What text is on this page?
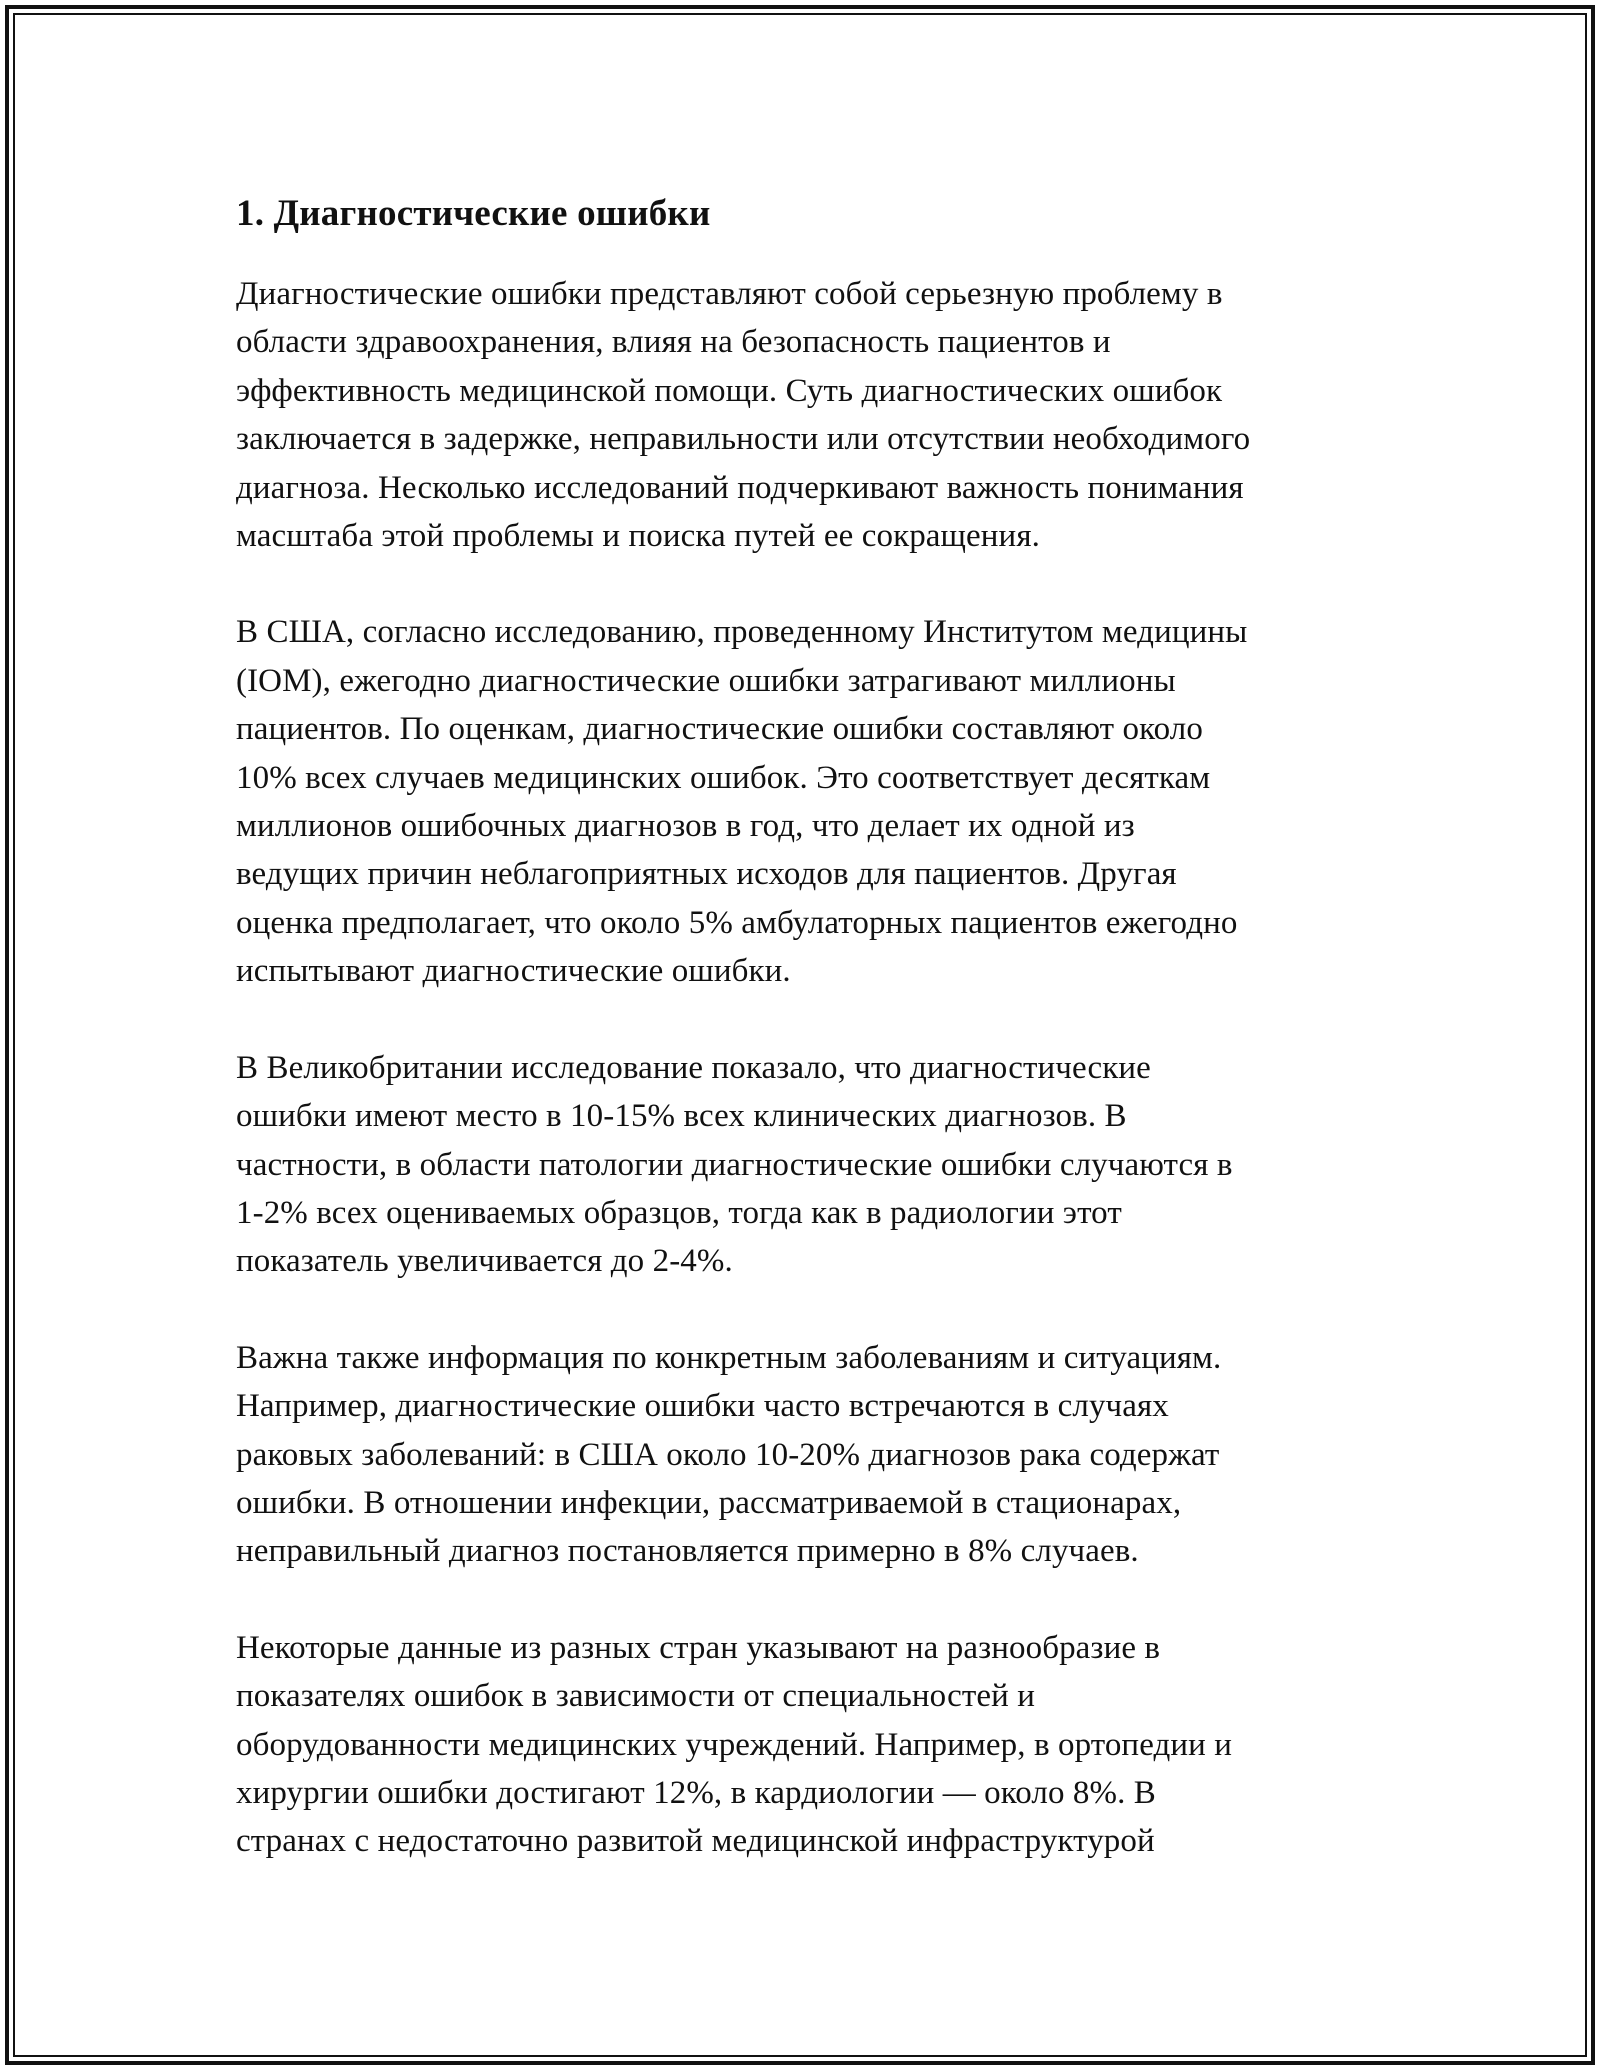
1. Диагностические ошибки

Диагностические ошибки представляют собой серьезную проблему в
области здравоохранения, влияя на безопасность пациентов и
эффективность медицинской помощи. Суть диагностических ошибок
заключается в задержке, неправильности или отсутствии необходимого
диагноза. Несколько исследований подчеркивают важность понимания
масштаба этой проблемы и поиска путей ее сокращения.

В США, согласно исследованию, проведенному Институтом медицины
(IOM), ежегодно диагностические ошибки затрагивают миллионы
пациентов. По оценкам, диагностические ошибки составляют около
10% всех случаев медицинских ошибок. Это соответствует десяткам
миллионов ошибочных диагнозов в год, что делает их одной из
ведущих причин неблагоприятных исходов для пациентов. Другая
оценка предполагает, что около 5% амбулаторных пациентов ежегодно
испытывают диагностические ошибки.

В Великобритании исследование показало, что диагностические
ошибки имеют место в 10-15% всех клинических диагнозов. В
частности, в области патологии диагностические ошибки случаются в
1-2% всех оцениваемых образцов, тогда как в радиологии этот
показатель увеличивается до 2-4%.

Важна также информация по конкретным заболеваниям и ситуациям.
Например, диагностические ошибки часто встречаются в случаях
раковых заболеваний: в США около 10-20% диагнозов рака содержат
ошибки. В отношении инфекции, рассматриваемой в стационарах,
неправильный диагноз постановляется примерно в 8% случаев.

Некоторые данные из разных стран указывают на разнообразие в
показателях ошибок в зависимости от специальностей и
оборудованности медицинских учреждений. Например, в ортопедии и
хирургии ошибки достигают 12%, в кардиологии — около 8%. В
странах с недостаточно развитой медицинской инфраструктурой
